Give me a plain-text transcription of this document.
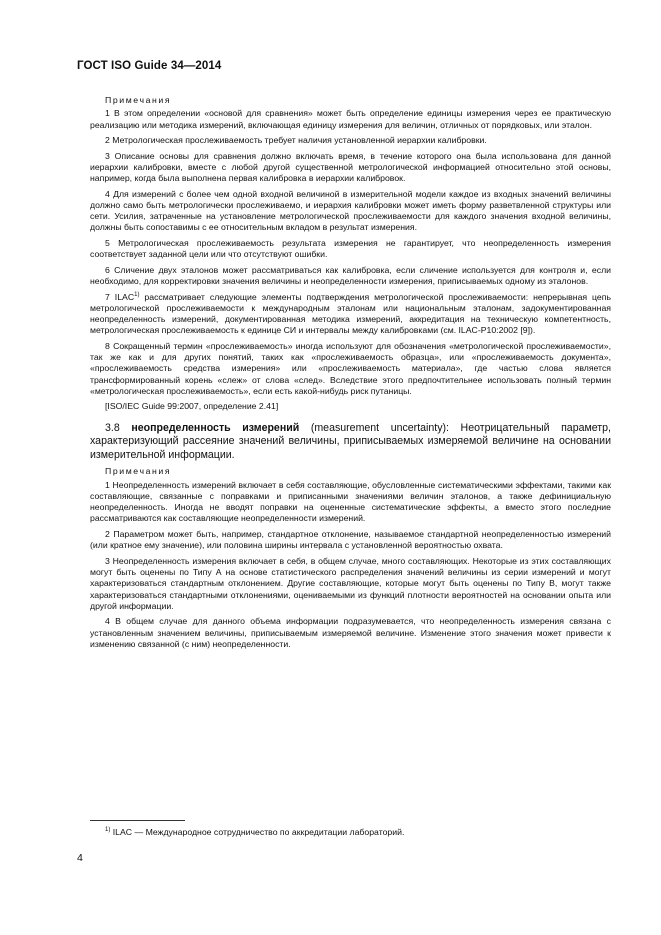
ГОСТ ISO Guide 34—2014
Примечания

1 В этом определении «основой для сравнения» может быть определение единицы измерения через ее практическую реализацию или методика измерений, включающая единицу измерения для величин, отличных от порядковых, или эталон.

2 Метрологическая прослеживаемость требует наличия установленной иерархии калибровки.

3 Описание основы для сравнения должно включать время, в течение которого она была использована для данной иерархии калибровки, вместе с любой другой существенной метрологической информацией относительно этой основы, например, когда была выполнена первая калибровка в иерархии калибровок.

4 Для измерений с более чем одной входной величиной в измерительной модели каждое из входных значений величины должно само быть метрологически прослеживаемо, и иерархия калибровки может иметь форму разветвленной структуры или сети. Усилия, затраченные на установление метрологической прослеживаемости для каждого значения входной величины, должны быть сопоставимы с ее относительным вкладом в результат измерения.

5 Метрологическая прослеживаемость результата измерения не гарантирует, что неопределенность измерения соответствует заданной цели или что отсутствуют ошибки.

6 Сличение двух эталонов может рассматриваться как калибровка, если сличение используется для контроля и, если необходимо, для корректировки значения величины и неопределенности измерения, приписываемых одному из эталонов.

7 ILAC$^{1)}$ рассматривает следующие элементы подтверждения метрологической прослеживаемости: непрерывная цепь метрологической прослеживаемости к международным эталонам или национальным эталонам, задокументированная неопределенность измерений, документированная методика измерений, аккредитация на техническую компетентность, метрологическая прослеживаемость к единице СИ и интервалы между калибровками (см. ILAC-P10:2002 [9]).

8 Сокращенный термин «прослеживаемость» иногда используют для обозначения «метрологической прослеживаемости», так же как и для других понятий, таких как «прослеживаемость образца», или «прослеживаемость документа», «прослеживаемость средства измерения» или «прослеживаемость материала», где частью слова является трансформированный корень «слеж» от слова «след». Вследствие этого предпочтительнее использовать полный термин «метрологическая прослеживаемость», если есть какой-нибудь риск путаницы.

[ISO/IEC Guide 99:2007, определение 2.41]

3.8 неопределенность измерений (measurement uncertainty): Неотрицательный параметр, характеризующий рассеяние значений величины, приписываемых измеряемой величине на основании измерительной информации.

Примечания

1 Неопределенность измерений включает в себя составляющие, обусловленные систематическими эффектами, такими как составляющие, связанные с поправками и приписанными значениями величин эталонов, а также дефинициальную неопределенность. Иногда не вводят поправки на оцененные систематические эффекты, а вместо этого последние рассматриваются как составляющие неопределенности измерений.

2 Параметром может быть, например, стандартное отклонение, называемое стандартной неопределенностью измерений (или кратное ему значение), или половина ширины интервала с установленной вероятностью охвата.

3 Неопределенность измерения включает в себя, в общем случае, много составляющих. Некоторые из этих составляющих могут быть оценены по Типу А на основе статистического распределения значений величины из серии измерений и могут характеризоваться стандартным отклонением. Другие составляющие, которые могут быть оценены по Типу В, могут также характеризоваться стандартными отклонениями, оцениваемыми из функций плотности вероятностей на основании опыта или другой информации.

4 В общем случае для данного объема информации подразумевается, что неопределенность измерения связана с установленным значением величины, приписываемым измеряемой величине. Изменение этого значения может привести к изменению связанной (с ним) неопределенности.

$^{1)}$ ILAC — Международное сотрудничество по аккредитации лабораторий.
4
